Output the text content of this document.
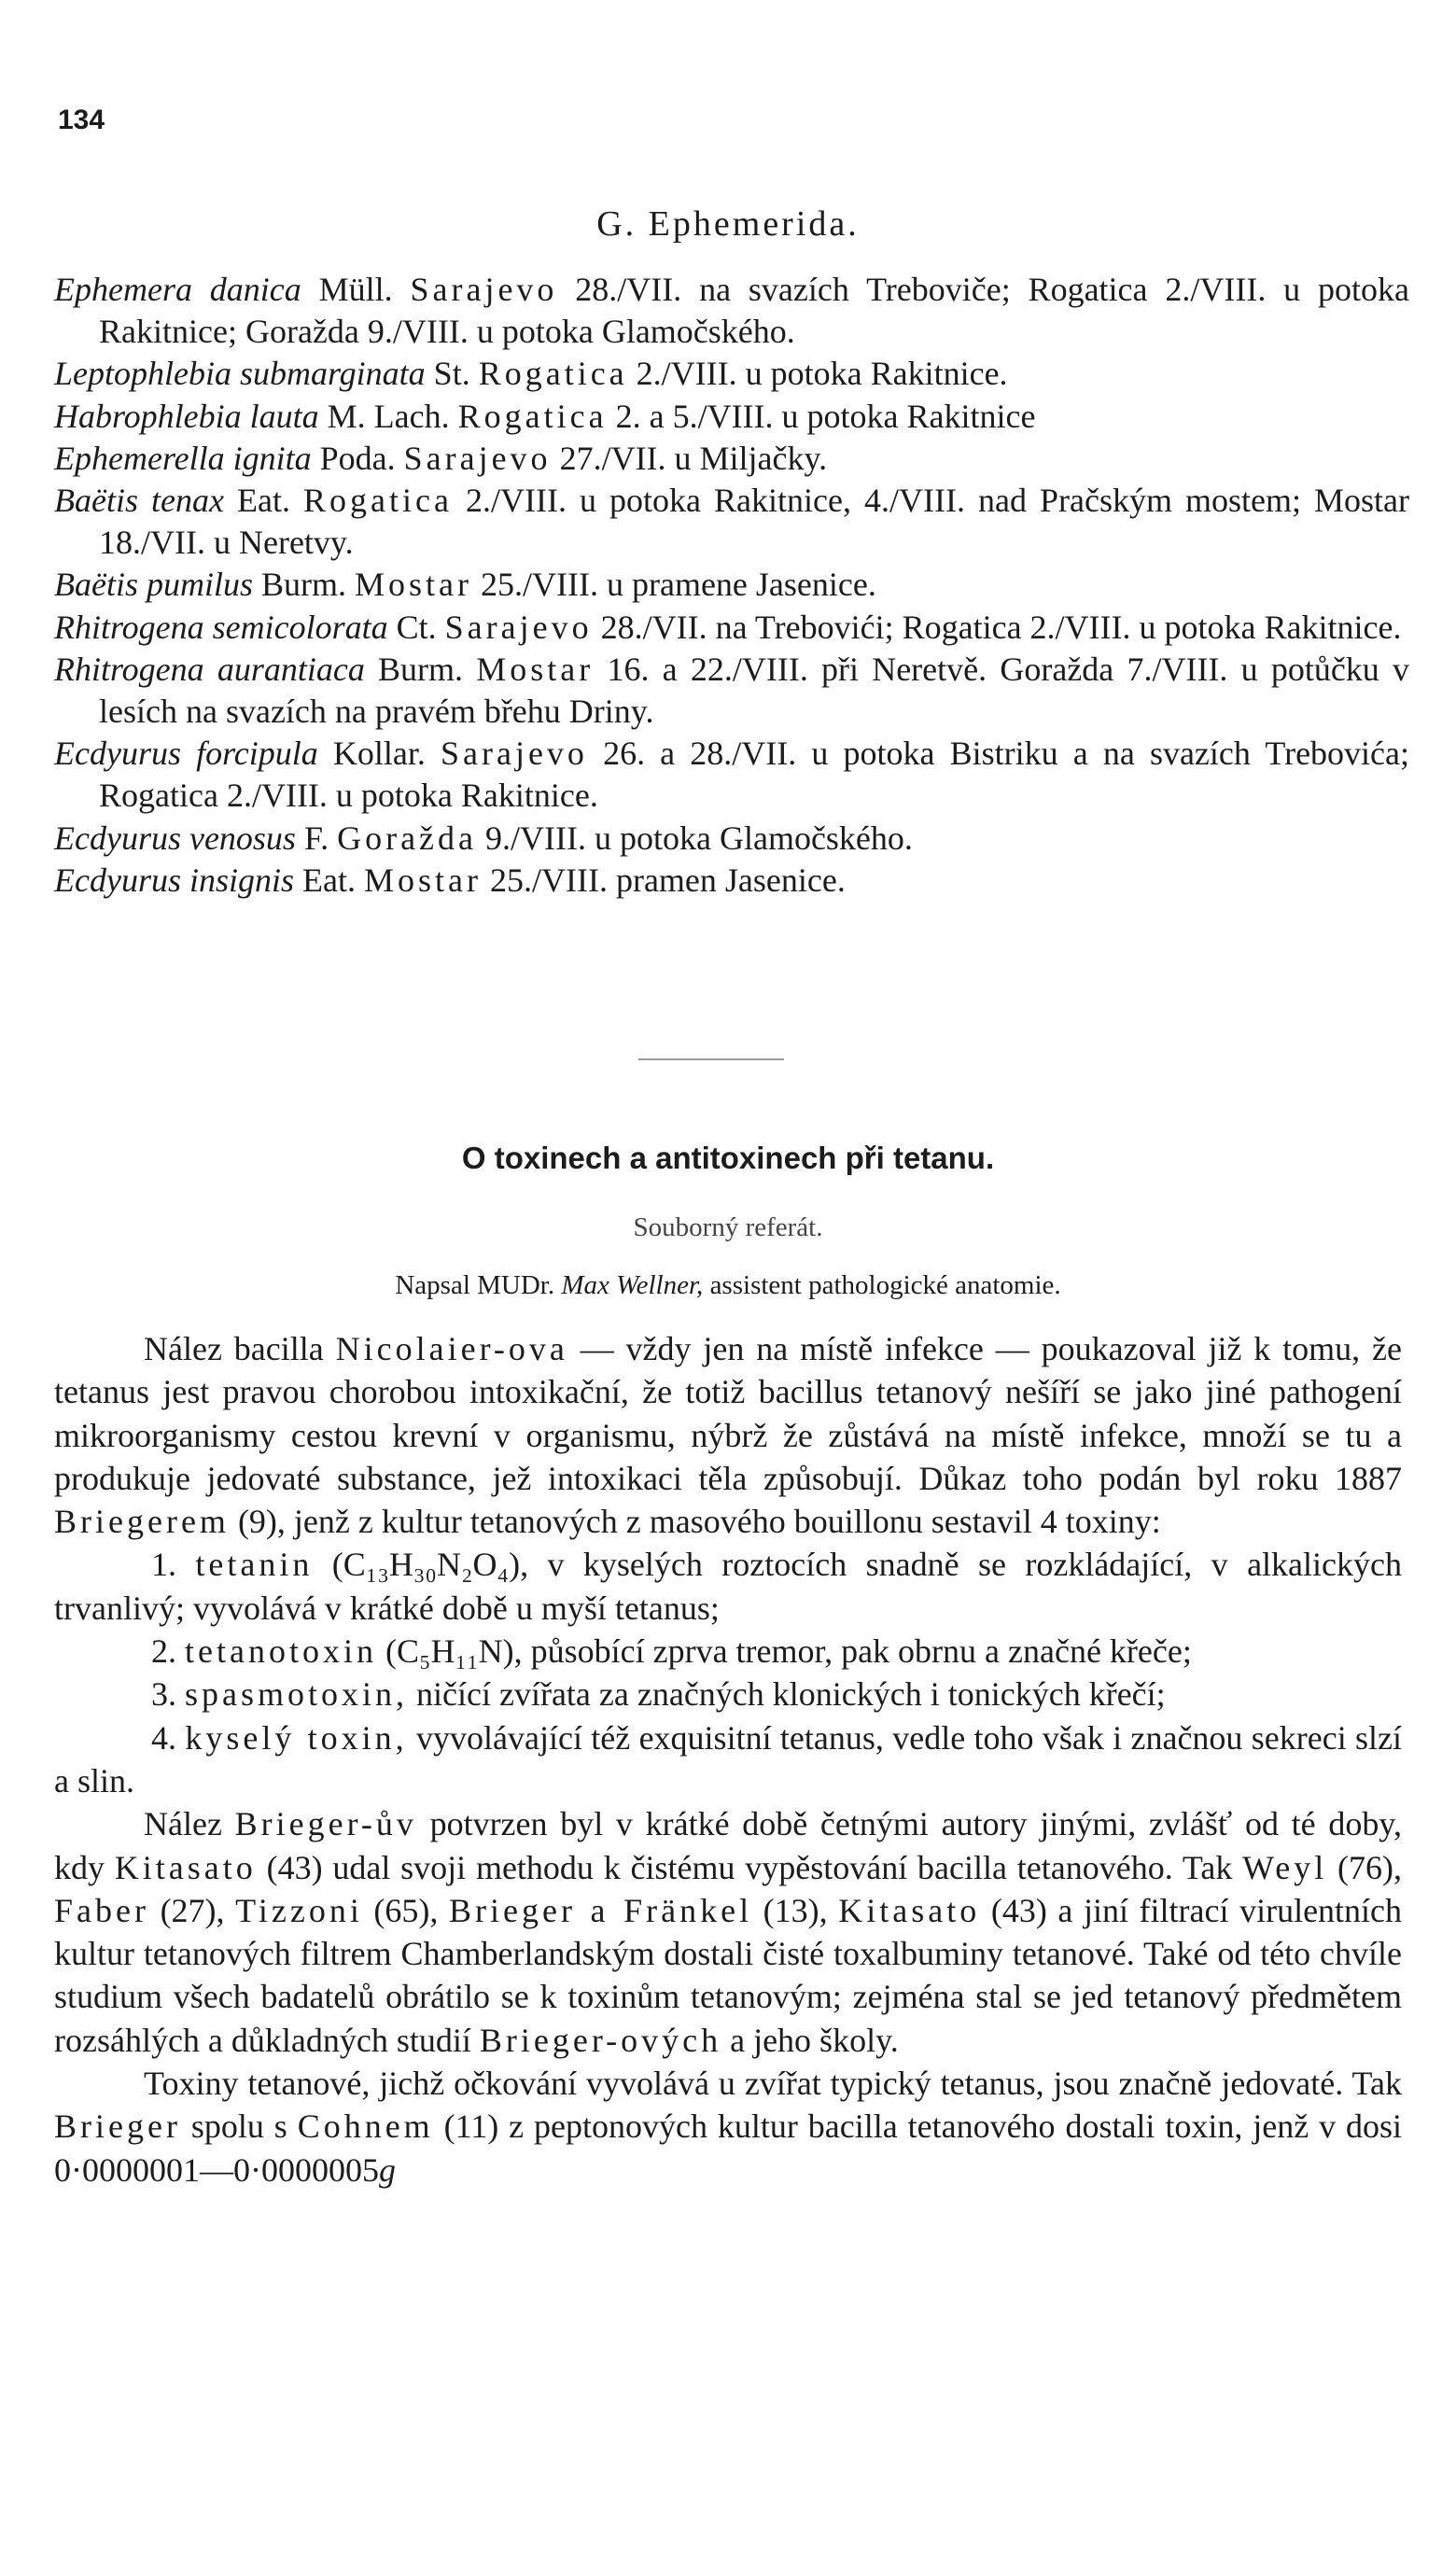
134
G. Ephemerida.
Ephemera danica Müll. Sarajevo 28./VII. na svazích Treboviče; Rogatica 2./VIII. u potoka Rakitnice; Goražda 9./VIII. u potoka Glamočského.
Leptophlebia submarginata St. Rogatica 2./VIII. u potoka Rakitnice.
Habrophlebia lauta M. Lach. Rogatica 2. a 5./VIII. u potoka Rakitnice
Ephemerella ignita Poda. Sarajevo 27./VII. u Miljačky.
Baëtis tenax Eat. Rogatica 2./VIII. u potoka Rakitnice, 4./VIII. nad Pračským mostem; Mostar 18./VII. u Neretvy.
Baëtis pumilus Burm. Mostar 25./VIII. u pramene Jasenice.
Rhitrogena semicolorata Ct. Sarajevo 28./VII. na Trebovići; Rogatica 2./VIII. u potoka Rakitnice.
Rhitrogena aurantiaca Burm. Mostar 16. a 22./VIII. při Neretvě. Goražda 7./VIII. u potůčku v lesích na svazích na pravém břehu Driny.
Ecdyurus forcipula Kollar. Sarajevo 26. a 28./VII. u potoka Bistriku a na svazích Trebovića; Rogatica 2./VIII. u potoka Rakitnice.
Ecdyurus venosus F. Goražda 9./VIII. u potoka Glamočského.
Ecdyurus insignis Eat. Mostar 25./VIII. pramen Jasenice.
O toxinech a antitoxinech při tetanu.
Souborný referát.
Napsal MUDr. Max Wellner, assistent pathologické anatomie.

Nález bacilla Nicolaier-ova — vždy jen na místě infekce — poukazoval již k tomu, že tetanus jest pravou chorobou intoxikační, že totiž bacillus tetanový nešíří se jako jiné pathogení mikroorganismy cestou krevní v organismu, nýbrž že zůstává na místě infekce, množí se tu a produkuje jedovaté substance, jež intoxikaci těla způsobují. Důkaz toho podán byl roku 1887 Briegerem (9), jenž z kultur tetanových z masového bouillonu sestavil 4 toxiny:

1. tetanin (C₁₃H₃₀N₂O₄), v kyselých roztocích snadně se rozkládající, v alkalických trvanlivý; vyvolává v krátké době u myší tetanus;

2. tetanotoxin (C₅H₁₁N), působící zprva tremor, pak obrnu a značné křeče;

3. spasmotoxin, ničící zvířata za značných klonických i tonických křečí;

4. kyselý toxin, vyvolávající též exquisitní tetanus, vedle toho však i značnou sekreci slzí a slin.

Nález Brieger-ův potvrzen byl v krátké době četnými autory jinými, zvlášť od té doby, kdy Kitasato (43) udal svoji methodu k čistému vypěstování bacilla tetanového. Tak Weyl (76), Faber (27), Tizzoni (65), Brieger a Fränkel (13), Kitasato (43) a jiní filtrací virulentních kultur tetanových filtrem Chamberlandským dostali čisté toxalbuminy tetanové. Také od této chvíle studium všech badatelů obrátilo se k toxinům tetanovým; zejména stal se jed tetanový předmětem rozsáhlých a důkladných studií Brieger-ových a jeho školy.

Toxiny tetanové, jichž očkování vyvolává u zvířat typický tetanus, jsou značně jedovaté. Tak Brieger spolu s Cohnem (11) z peptonových kultur bacilla tetanového dostali toxin, jenž v dosi 0·0000001—0·0000005g
